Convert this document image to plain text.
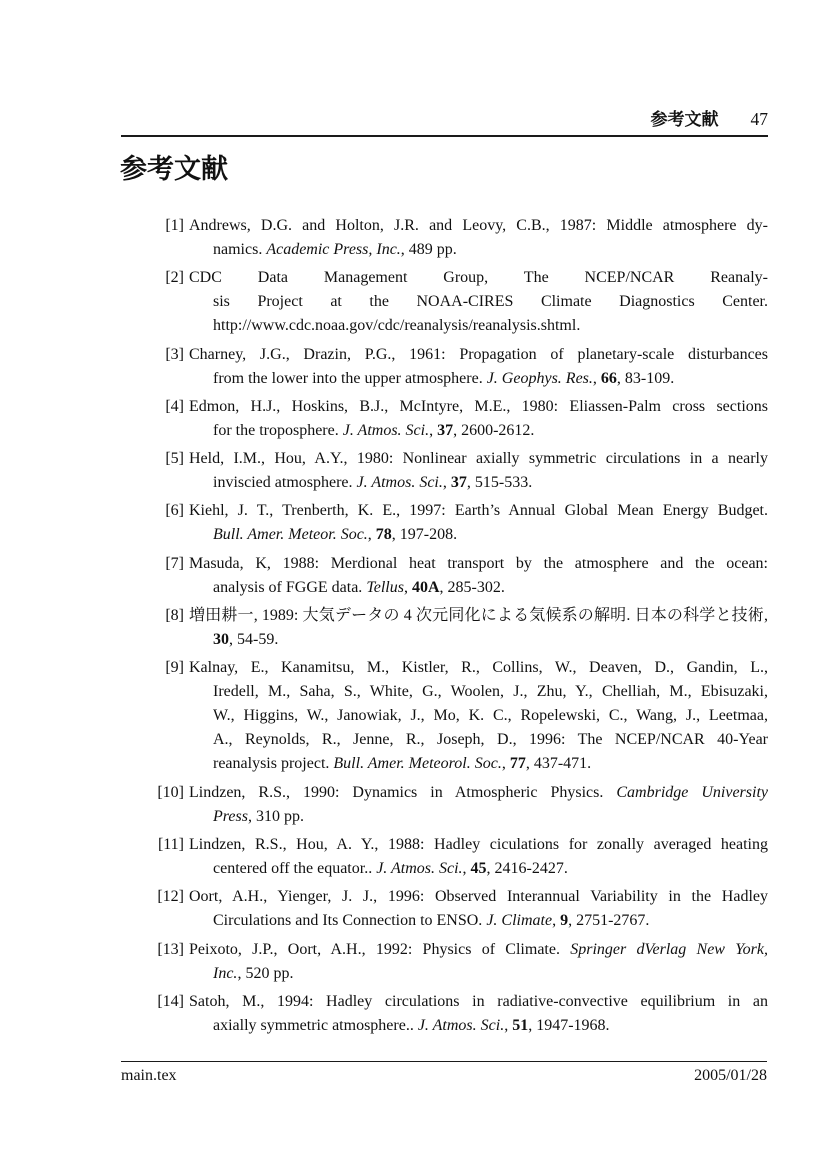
参考文献 47
参考文献
[1] Andrews, D.G. and Holton, J.R. and Leovy, C.B., 1987: Middle atmosphere dy-
namics. Academic Press, Inc., 489 pp.
[2] CDC Data Management Group, The NCEP/NCAR Reanaly-
sis Project at the NOAA-CIRES Climate Diagnostics Center.
http://www.cdc.noaa.gov/cdc/reanalysis/reanalysis.shtml.
[3] Charney, J.G., Drazin, P.G., 1961: Propagation of planetary-scale disturbances
from the lower into the upper atmosphere. J. Geophys. Res., 66, 83-109.
[4] Edmon, H.J., Hoskins, B.J., McIntyre, M.E., 1980: Eliassen-Palm cross sections
for the troposphere. J. Atmos. Sci., 37, 2600-2612.
[5] Held, I.M., Hou, A.Y., 1980: Nonlinear axially symmetric circulations in a nearly
inviscied atmosphere. J. Atmos. Sci., 37, 515-533.
[6] Kiehl, J. T., Trenberth, K. E., 1997: Earth’s Annual Global Mean Energy Budget.
Bull. Amer. Meteor. Soc., 78, 197-208.
[7] Masuda, K, 1988: Merdional heat transport by the atmosphere and the ocean:
analysis of FGGE data. Tellus, 40A, 285-302.
[8] 増田耕一, 1989: 大気データの 4 次元同化による気候系の解明. 日本の科学と技術,
30, 54-59.
[9] Kalnay, E., Kanamitsu, M., Kistler, R., Collins, W., Deaven, D., Gandin, L.,
Iredell, M., Saha, S., White, G., Woolen, J., Zhu, Y., Chelliah, M., Ebisuzaki,
W., Higgins, W., Janowiak, J., Mo, K. C., Ropelewski, C., Wang, J., Leetmaa,
A., Reynolds, R., Jenne, R., Joseph, D., 1996: The NCEP/NCAR 40-Year
reanalysis project. Bull. Amer. Meteorol. Soc., 77, 437-471.
[10] Lindzen, R.S., 1990: Dynamics in Atmospheric Physics. Cambridge University
Press, 310 pp.
[11] Lindzen, R.S., Hou, A. Y., 1988: Hadley ciculations for zonally averaged heating
centered off the equator.. J. Atmos. Sci., 45, 2416-2427.
[12] Oort, A.H., Yienger, J. J., 1996: Observed Interannual Variability in the Hadley
Circulations and Its Connection to ENSO. J. Climate, 9, 2751-2767.
[13] Peixoto, J.P., Oort, A.H., 1992: Physics of Climate. Springer dVerlag New York,
Inc., 520 pp.
[14] Satoh, M., 1994: Hadley circulations in radiative-convective equilibrium in an
axially symmetric atmosphere.. J. Atmos. Sci., 51, 1947-1968.
main.tex	2005/01/28
